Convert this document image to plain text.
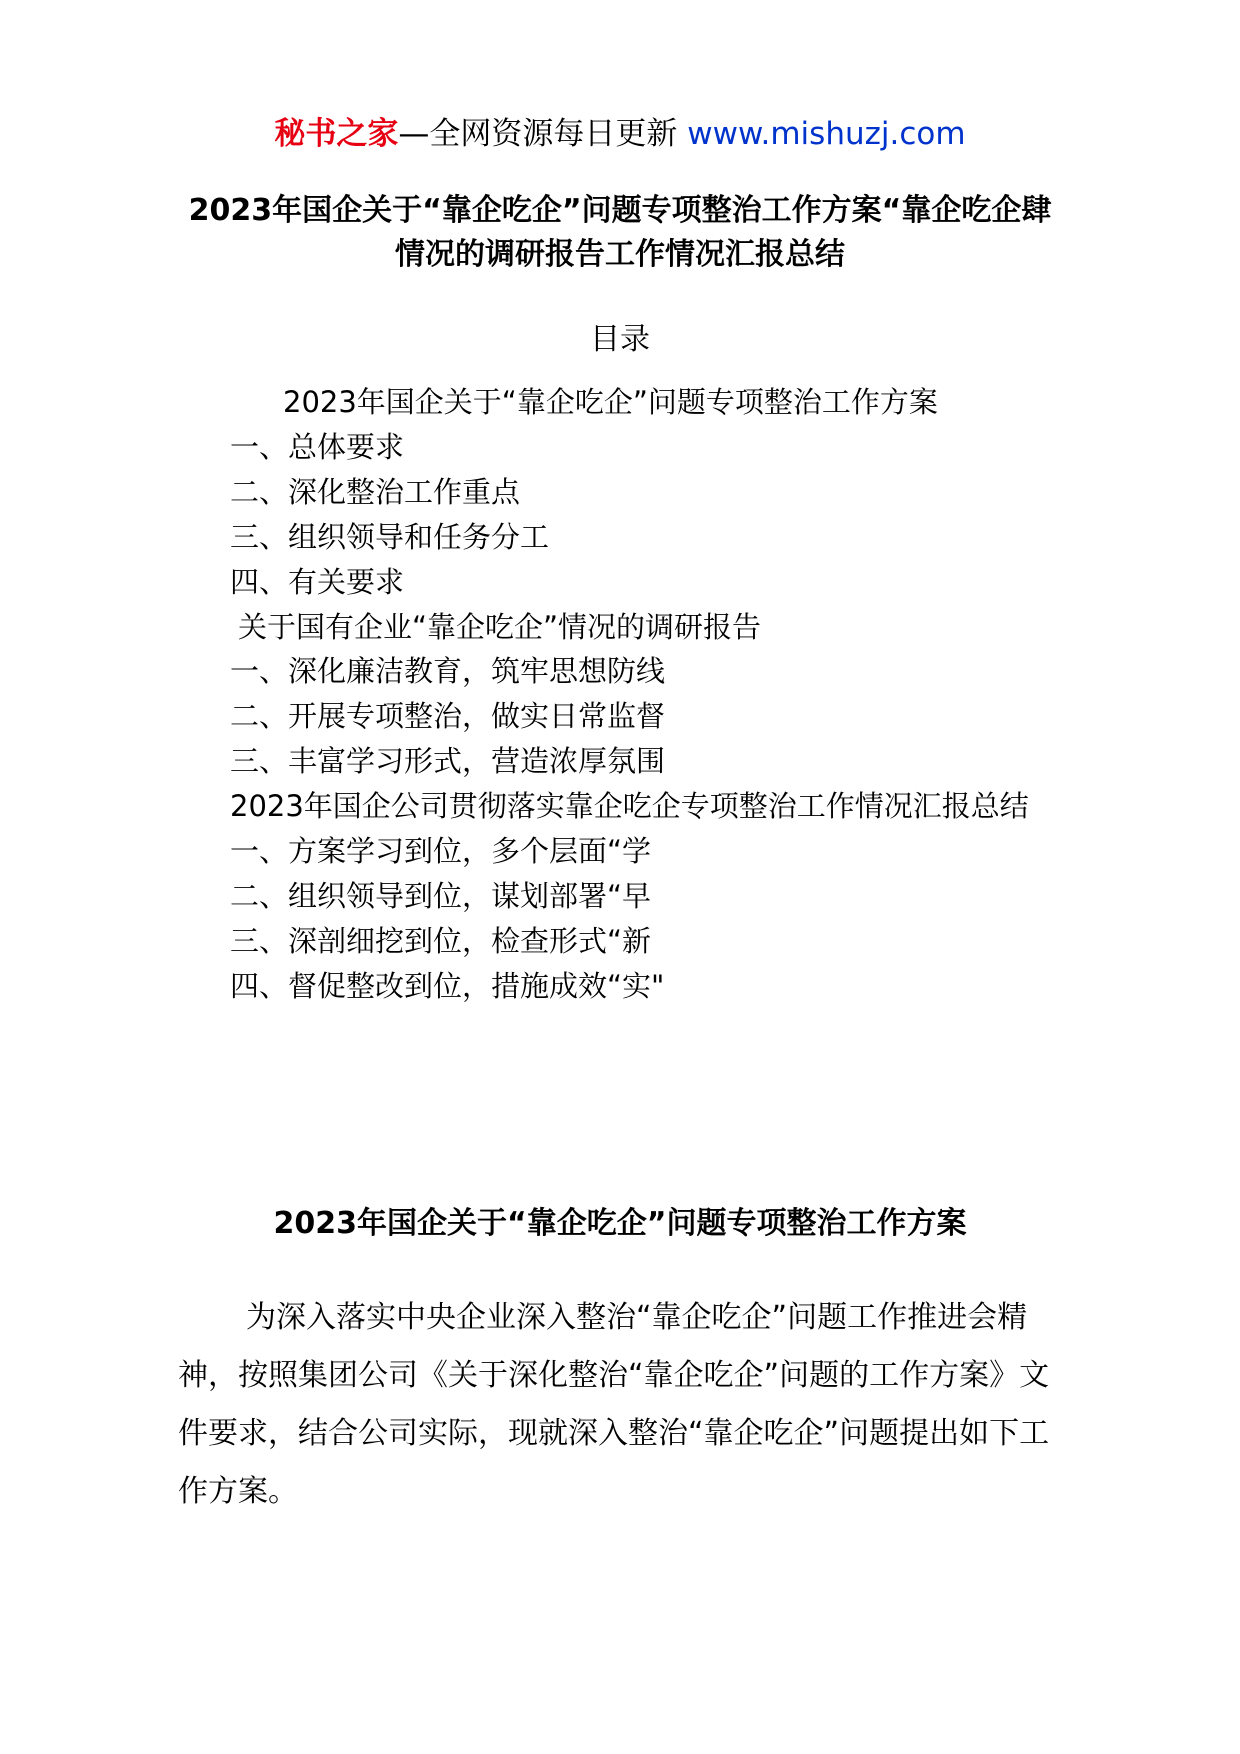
秘书之家—全网资源每日更新 www.mishuzj.com
2023年国企关于“靠企吃企”问题专项整治工作方案“靠企吃企肆情况的调研报告工作情况汇报总结
目录
2023年国企关于“靠企吃企”问题专项整治工作方案
一、总体要求
二、深化整治工作重点
三、组织领导和任务分工
四、有关要求
关于国有企业“靠企吃企”情况的调研报告
一、深化廉洁教育，筑牢思想防线
二、开展专项整治，做实日常监督
三、丰富学习形式，营造浓厚氛围
2023年国企公司贯彻落实靠企吃企专项整治工作情况汇报总结
一、方案学习到位，多个层面“学
二、组织领导到位，谋划部署“早
三、深剖细挖到位，检查形式“新
四、督促整改到位，措施成效“实"
2023年国企关于“靠企吃企”问题专项整治工作方案

为深入落实中央企业深入整治“靠企吃企”问题工作推进会精神，按照集团公司《关于深化整治“靠企吃企”问题的工作方案》文件要求，结合公司实际，现就深入整治“靠企吃企”问题提出如下工作方案。
